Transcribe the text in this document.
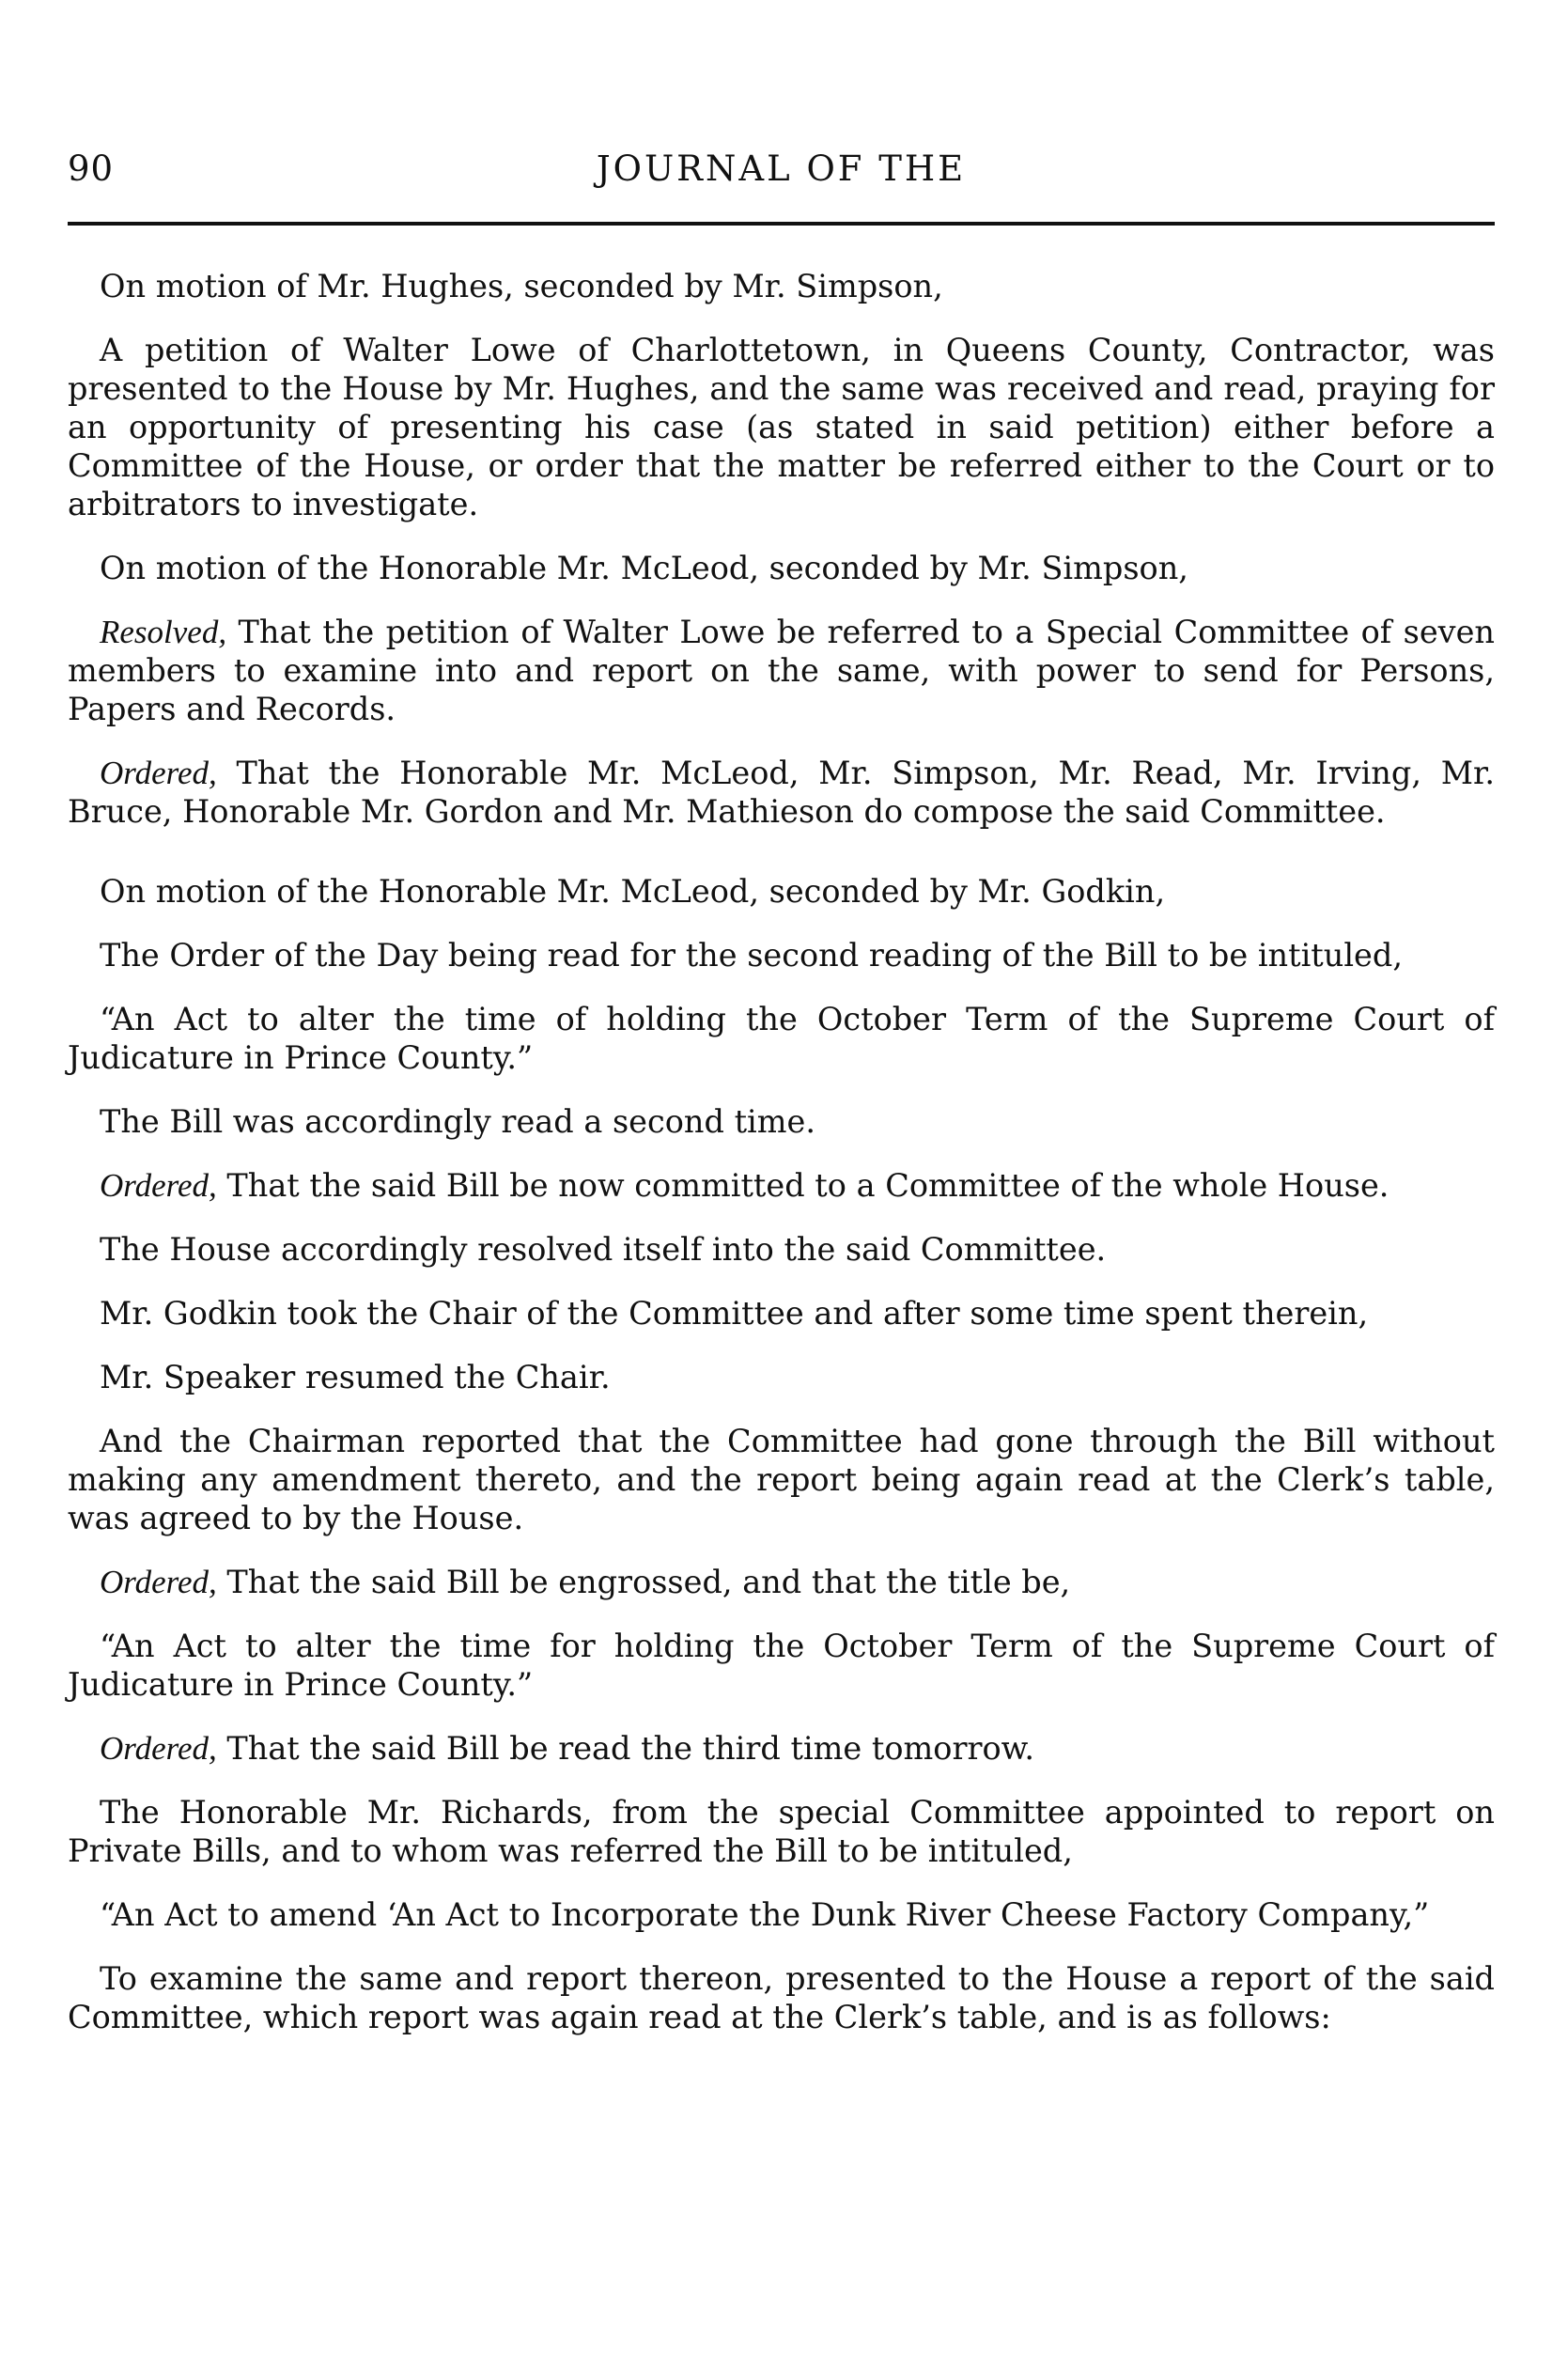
90	JOURNAL OF THE

On motion of Mr. Hughes, seconded by Mr. Simpson,

A petition of Walter Lowe of Charlottetown, in Queens County, Contractor, was presented to the House by Mr. Hughes, and the same was received and read, praying for an opportunity of presenting his case (as stated in said petition) either before a Committee of the House, or order that the matter be referred either to the Court or to arbitrators to investigate.

On motion of the Honorable Mr. McLeod, seconded by Mr. Simpson,

Resolved, That the petition of Walter Lowe be referred to a Special Committee of seven members to examine into and report on the same, with power to send for Persons, Papers and Records.

Ordered, That the Honorable Mr. McLeod, Mr. Simpson, Mr. Read, Mr. Irving, Mr. Bruce, Honorable Mr. Gordon and Mr. Mathieson do compose the said Committee.

On motion of the Honorable Mr. McLeod, seconded by Mr. Godkin,

The Order of the Day being read for the second reading of the Bill to be intituled,

“An Act to alter the time of holding the October Term of the Supreme Court of Judicature in Prince County.”

The Bill was accordingly read a second time.

Ordered, That the said Bill be now committed to a Committee of the whole House.

The House accordingly resolved itself into the said Committee.

Mr. Godkin took the Chair of the Committee and after some time spent therein,

Mr. Speaker resumed the Chair.

And the Chairman reported that the Committee had gone through the Bill without making any amendment thereto, and the report being again read at the Clerk’s table, was agreed to by the House.

Ordered, That the said Bill be engrossed, and that the title be,

“An Act to alter the time for holding the October Term of the Supreme Court of Judicature in Prince County.”

Ordered, That the said Bill be read the third time tomorrow.

The Honorable Mr. Richards, from the special Committee appointed to report on Private Bills, and to whom was referred the Bill to be intituled,

“An Act to amend ‘An Act to Incorporate the Dunk River Cheese Factory Company,”

To examine the same and report thereon, presented to the House a report of the said Committee, which report was again read at the Clerk’s table, and is as follows:
